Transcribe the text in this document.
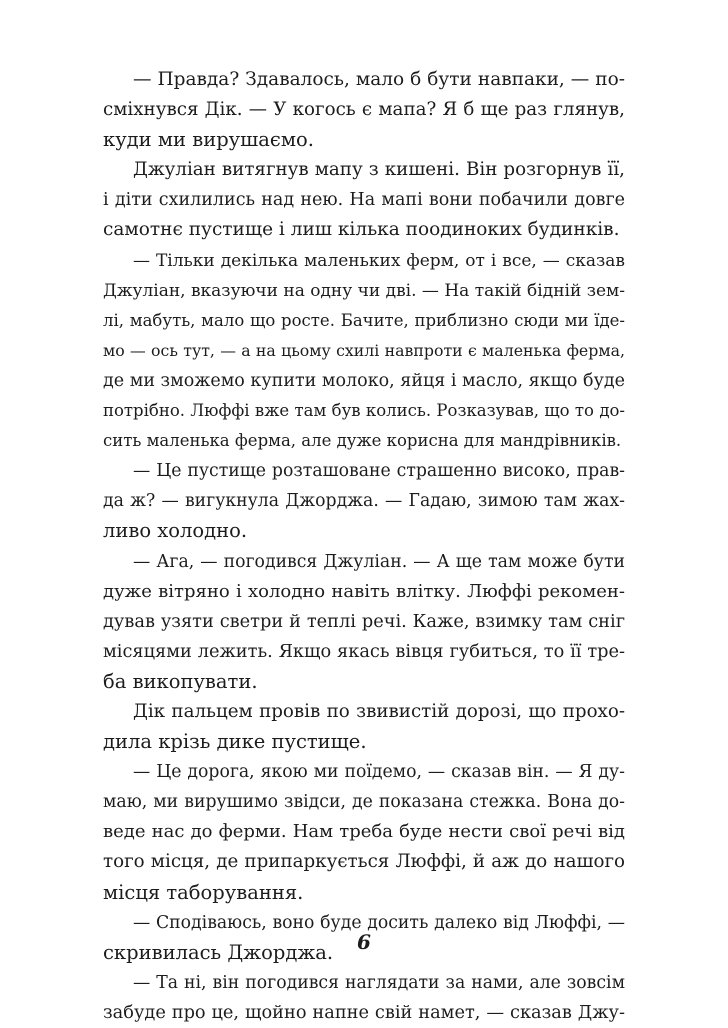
— Правда? Здавалось, мало б бути навпаки, — по-
сміхнувся Дік. — У когось є мапа? Я б ще раз глянув,
куди ми вирушаємо.
Джуліан витягнув мапу з кишені. Він розгорнув її,
і діти схилились над нею. На мапі вони побачили довге
самотнє пустище і лиш кілька поодиноких будинків.
— Тільки декілька маленьких ферм, от і все, — сказав
Джуліан, вказуючи на одну чи дві. — На такій бідній зем-
лі, мабуть, мало що росте. Бачите, приблизно сюди ми їде-
мо — ось тут, — а на цьому схилі навпроти є маленька ферма,
де ми зможемо купити молоко, яйця і масло, якщо буде
потрібно. Люффі вже там був колись. Розказував, що то до-
сить маленька ферма, але дуже корисна для мандрівників.
— Це пустище розташоване страшенно високо, прав-
да ж? — вигукнула Джорджа. — Гадаю, зимою там жах-
ливо холодно.
— Ага, — погодився Джуліан. — А ще там може бути
дуже вітряно і холодно навіть влітку. Люффі рекомен-
дував узяти светри й теплі речі. Каже, взимку там сніг
місяцями лежить. Якщо якась вівця губиться, то її тре-
ба викопувати.
Дік пальцем провів по звивистій дорозі, що прохо-
дила крізь дике пустище.
— Це дорога, якою ми поїдемо, — сказав він. — Я ду-
маю, ми вирушимо звідси, де показана стежка. Вона до-
веде нас до ферми. Нам треба буде нести свої речі від
того місця, де припаркується Люффі, й аж до нашого
місця таборування.
— Сподіваюсь, воно буде досить далеко від Люффі, —
скривилась Джорджа.
— Та ні, він погодився наглядати за нами, але зовсім
забуде про це, щойно напне свій намет, — сказав Джу-
6
